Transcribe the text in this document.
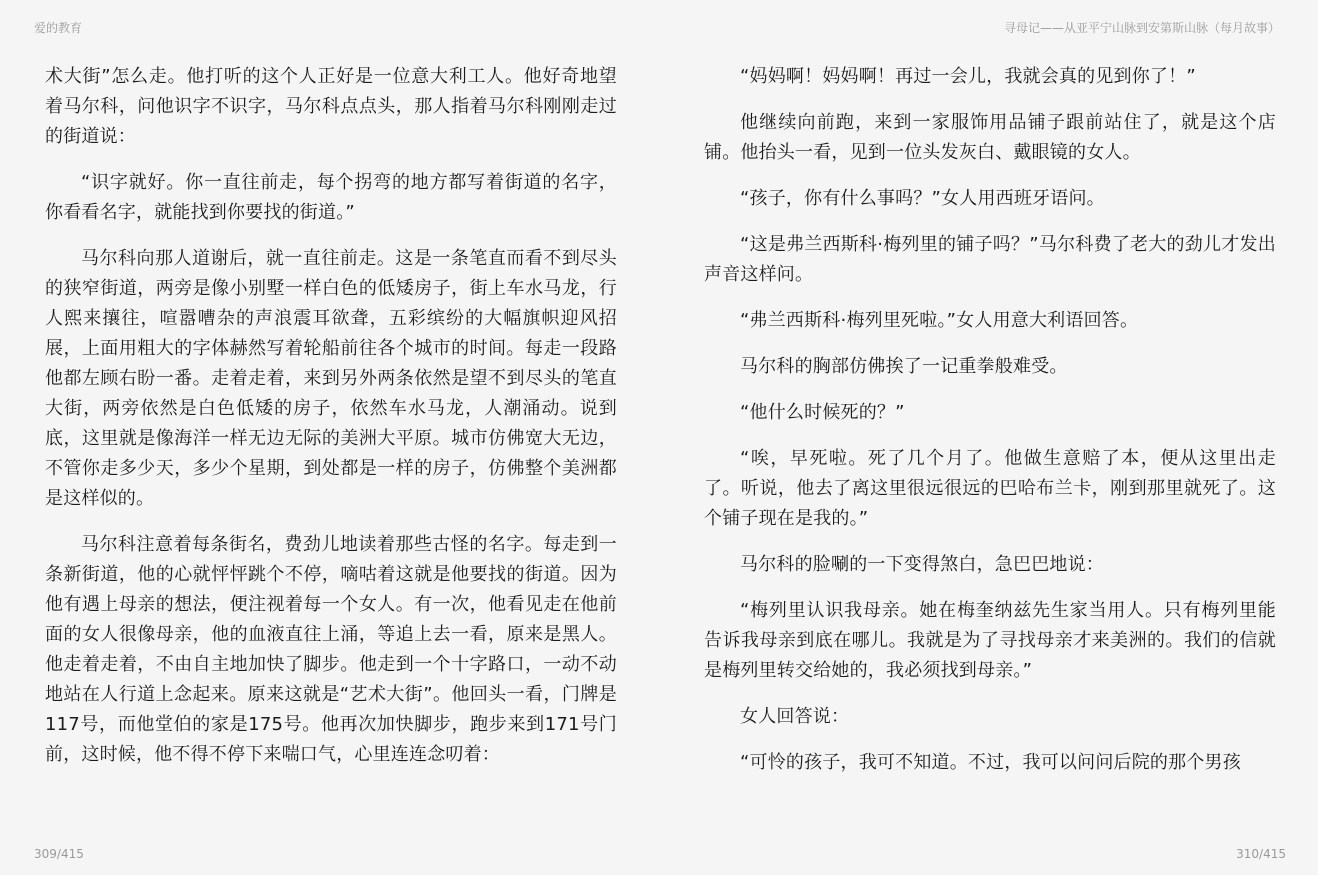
爱的教育	寻母记——从亚平宁山脉到安第斯山脉（每月故事）

术大街”怎么走。他打听的这个人正好是一位意大利工人。他好奇地望着马尔科，问他识字不识字，马尔科点点头，那人指着马尔科刚刚走过的街道说：

“识字就好。你一直往前走，每个拐弯的地方都写着街道的名字，你看看名字，就能找到你要找的街道。”

马尔科向那人道谢后，就一直往前走。这是一条笔直而看不到尽头的狭窄街道，两旁是像小别墅一样白色的低矮房子，街上车水马龙，行人熙来攘往，喧嚣嘈杂的声浪震耳欲聋，五彩缤纷的大幅旗帜迎风招展，上面用粗大的字体赫然写着轮船前往各个城市的时间。每走一段路他都左顾右盼一番。走着走着，来到另外两条依然是望不到尽头的笔直大街，两旁依然是白色低矮的房子，依然车水马龙，人潮涌动。说到底，这里就是像海洋一样无边无际的美洲大平原。城市仿佛宽大无边，不管你走多少天，多少个星期，到处都是一样的房子，仿佛整个美洲都是这样似的。

马尔科注意着每条街名，费劲儿地读着那些古怪的名字。每走到一条新街道，他的心就怦怦跳个不停，嘀咕着这就是他要找的街道。因为他有遇上母亲的想法，便注视着每一个女人。有一次，他看见走在他前面的女人很像母亲，他的血液直往上涌，等追上去一看，原来是黑人。他走着走着，不由自主地加快了脚步。他走到一个十字路口，一动不动地站在人行道上念起来。原来这就是“艺术大街”。他回头一看，门牌是117号，而他堂伯的家是175号。他再次加快脚步，跑步来到171号门前，这时候，他不得不停下来喘口气，心里连连念叨着：

“妈妈啊！妈妈啊！再过一会儿，我就会真的见到你了！”

他继续向前跑，来到一家服饰用品铺子跟前站住了，就是这个店铺。他抬头一看，见到一位头发灰白、戴眼镜的女人。

“孩子，你有什么事吗？”女人用西班牙语问。

“这是弗兰西斯科·梅列里的铺子吗？”马尔科费了老大的劲儿才发出声音这样问。

“弗兰西斯科·梅列里死啦。”女人用意大利语回答。

马尔科的胸部仿佛挨了一记重拳般难受。

“他什么时候死的？”

“唉，早死啦。死了几个月了。他做生意赔了本，便从这里出走了。听说，他去了离这里很远很远的巴哈布兰卡，刚到那里就死了。这个铺子现在是我的。”

马尔科的脸唰的一下变得煞白，急巴巴地说：

“梅列里认识我母亲。她在梅奎纳兹先生家当用人。只有梅列里能告诉我母亲到底在哪儿。我就是为了寻找母亲才来美洲的。我们的信就是梅列里转交给她的，我必须找到母亲。”

女人回答说：

“可怜的孩子，我可不知道。不过，我可以问问后院的那个男孩

309/415	310/415
